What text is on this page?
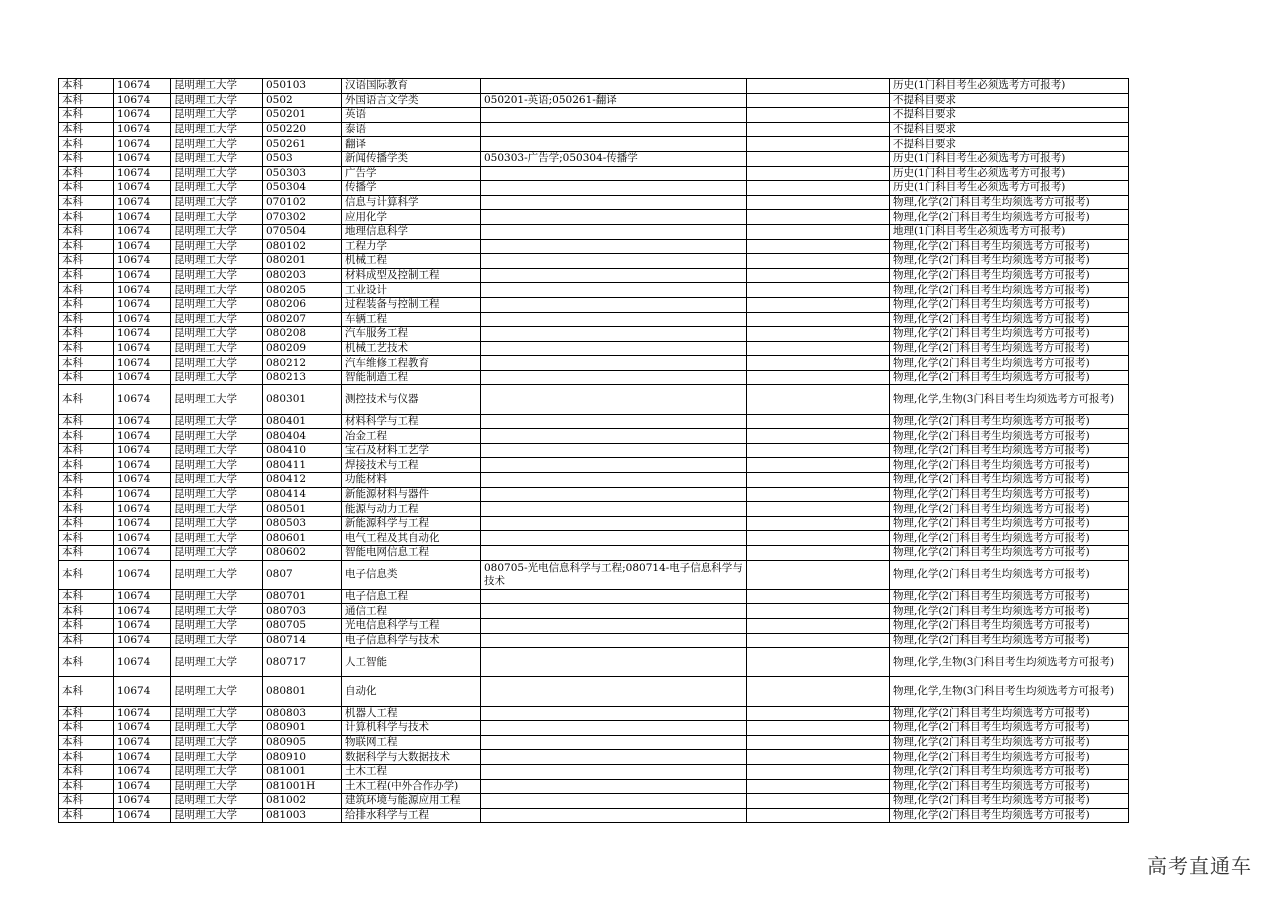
本科	10674	昆明理工大学	050103	汉语国际教育			历史(1门科目考生必须选考方可报考)
本科	10674	昆明理工大学	0502	外国语言文学类	050201-英语;050261-翻译		不提科目要求
本科	10674	昆明理工大学	050201	英语			不提科目要求
本科	10674	昆明理工大学	050220	泰语			不提科目要求
本科	10674	昆明理工大学	050261	翻译			不提科目要求
本科	10674	昆明理工大学	0503	新闻传播学类	050303-广告学;050304-传播学		历史(1门科目考生必须选考方可报考)
本科	10674	昆明理工大学	050303	广告学			历史(1门科目考生必须选考方可报考)
本科	10674	昆明理工大学	050304	传播学			历史(1门科目考生必须选考方可报考)
本科	10674	昆明理工大学	070102	信息与计算科学			物理,化学(2门科目考生均须选考方可报考)
本科	10674	昆明理工大学	070302	应用化学			物理,化学(2门科目考生均须选考方可报考)
本科	10674	昆明理工大学	070504	地理信息科学			地理(1门科目考生必须选考方可报考)
本科	10674	昆明理工大学	080102	工程力学			物理,化学(2门科目考生均须选考方可报考)
本科	10674	昆明理工大学	080201	机械工程			物理,化学(2门科目考生均须选考方可报考)
本科	10674	昆明理工大学	080203	材料成型及控制工程			物理,化学(2门科目考生均须选考方可报考)
本科	10674	昆明理工大学	080205	工业设计			物理,化学(2门科目考生均须选考方可报考)
本科	10674	昆明理工大学	080206	过程装备与控制工程			物理,化学(2门科目考生均须选考方可报考)
本科	10674	昆明理工大学	080207	车辆工程			物理,化学(2门科目考生均须选考方可报考)
本科	10674	昆明理工大学	080208	汽车服务工程			物理,化学(2门科目考生均须选考方可报考)
本科	10674	昆明理工大学	080209	机械工艺技术			物理,化学(2门科目考生均须选考方可报考)
本科	10674	昆明理工大学	080212	汽车维修工程教育			物理,化学(2门科目考生均须选考方可报考)
本科	10674	昆明理工大学	080213	智能制造工程			物理,化学(2门科目考生均须选考方可报考)
本科	10674	昆明理工大学	080301	测控技术与仪器			物理,化学,生物(3门科目考生均须选考方可报考)
本科	10674	昆明理工大学	080401	材料科学与工程			物理,化学(2门科目考生均须选考方可报考)
本科	10674	昆明理工大学	080404	冶金工程			物理,化学(2门科目考生均须选考方可报考)
本科	10674	昆明理工大学	080410	宝石及材料工艺学			物理,化学(2门科目考生均须选考方可报考)
本科	10674	昆明理工大学	080411	焊接技术与工程			物理,化学(2门科目考生均须选考方可报考)
本科	10674	昆明理工大学	080412	功能材料			物理,化学(2门科目考生均须选考方可报考)
本科	10674	昆明理工大学	080414	新能源材料与器件			物理,化学(2门科目考生均须选考方可报考)
本科	10674	昆明理工大学	080501	能源与动力工程			物理,化学(2门科目考生均须选考方可报考)
本科	10674	昆明理工大学	080503	新能源科学与工程			物理,化学(2门科目考生均须选考方可报考)
本科	10674	昆明理工大学	080601	电气工程及其自动化			物理,化学(2门科目考生均须选考方可报考)
本科	10674	昆明理工大学	080602	智能电网信息工程			物理,化学(2门科目考生均须选考方可报考)
本科	10674	昆明理工大学	0807	电子信息类	080705-光电信息科学与工程;080714-电子信息科学与技术		物理,化学(2门科目考生均须选考方可报考)
本科	10674	昆明理工大学	080701	电子信息工程			物理,化学(2门科目考生均须选考方可报考)
本科	10674	昆明理工大学	080703	通信工程			物理,化学(2门科目考生均须选考方可报考)
本科	10674	昆明理工大学	080705	光电信息科学与工程			物理,化学(2门科目考生均须选考方可报考)
本科	10674	昆明理工大学	080714	电子信息科学与技术			物理,化学(2门科目考生均须选考方可报考)
本科	10674	昆明理工大学	080717	人工智能			物理,化学,生物(3门科目考生均须选考方可报考)
本科	10674	昆明理工大学	080801	自动化			物理,化学,生物(3门科目考生均须选考方可报考)
本科	10674	昆明理工大学	080803	机器人工程			物理,化学(2门科目考生均须选考方可报考)
本科	10674	昆明理工大学	080901	计算机科学与技术			物理,化学(2门科目考生均须选考方可报考)
本科	10674	昆明理工大学	080905	物联网工程			物理,化学(2门科目考生均须选考方可报考)
本科	10674	昆明理工大学	080910	数据科学与大数据技术			物理,化学(2门科目考生均须选考方可报考)
本科	10674	昆明理工大学	081001	土木工程			物理,化学(2门科目考生均须选考方可报考)
本科	10674	昆明理工大学	081001H	土木工程(中外合作办学)			物理,化学(2门科目考生均须选考方可报考)
本科	10674	昆明理工大学	081002	建筑环境与能源应用工程			物理,化学(2门科目考生均须选考方可报考)
本科	10674	昆明理工大学	081003	给排水科学与工程			物理,化学(2门科目考生均须选考方可报考)
高考直通车
